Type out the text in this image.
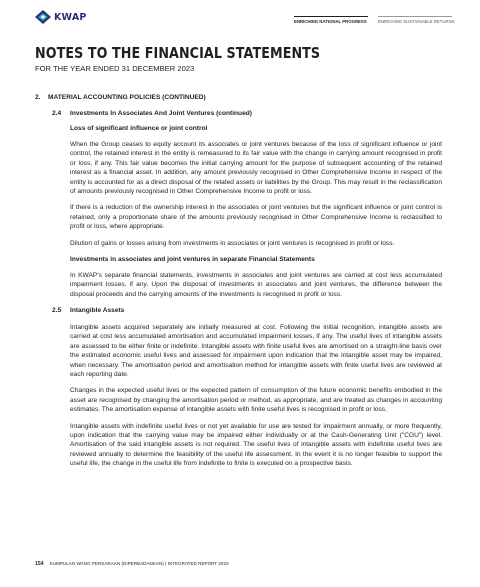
KWAP	ENRICHING NATIONAL PROGRESS	ENRICHING SUSTAINABLE RETURNS
NOTES TO THE FINANCIAL STATEMENTS
FOR THE YEAR ENDED 31 DECEMBER 2023
2. MATERIAL ACCOUNTING POLICIES (CONTINUED)
2.4	Investments In Associates And Joint Ventures (continued)
Loss of significant influence or joint control

When the Group ceases to equity account its associates or joint ventures because of the loss of significant influence or joint control, the retained interest in the entity is remeasured to its fair value with the change in carrying amount recognised in profit or loss, if any. This fair value becomes the initial carrying amount for the purpose of subsequent accounting of the retained interest as a financial asset. In addition, any amount previously recognised in Other Comprehensive Income in respect of the entity is accounted for as a direct disposal of the related assets or liabilities by the Group. This may result in the reclassification of amounts previously recognised in Other Comprehensive Income to profit or loss.

If there is a reduction of the ownership interest in the associates or joint ventures but the significant influence or joint control is retained, only a proportionate share of the amounts previously recognised in Other Comprehensive Income is reclassified to profit or loss, where appropriate.

Dilution of gains or losses arising from investments in associates or joint ventures is recognised in profit or loss.

Investments in associates and joint ventures in separate Financial Statements

In KWAP's separate financial statements, investments in associates and joint ventures are carried at cost less accumulated impairment losses, if any. Upon the disposal of investments in associates and joint ventures, the difference between the disposal proceeds and the carrying amounts of the investments is recognised in profit or loss.

2.5	Intangible Assets

Intangible assets acquired separately are initially measured at cost. Following the initial recognition, intangible assets are carried at cost less accumulated amortisation and accumulated impairment losses, if any. The useful lives of intangible assets are assessed to be either finite or indefinite. Intangible assets with finite useful lives are amortised on a straight-line basis over the estimated economic useful lives and assessed for impairment upon indication that the intangible asset may be impaired, when necessary. The amortisation period and amortisation method for intangible assets with finite useful lives are reviewed at each reporting date.

Changes in the expected useful lives or the expected pattern of consumption of the future economic benefits embodied in the asset are recognised by changing the amortisation period or method, as appropriate, and are treated as changes in accounting estimates. The amortisation expense of intangible assets with finite useful lives is recognised in profit or loss.

Intangible assets with indefinite useful lives or not yet available for use are tested for impairment annually, or more frequently, upon indication that the carrying value may be impaired either individually or at the Cash-Generating Unit ("CGU") level. Amortisation of the said intangible assets is not required. The useful lives of intangible assets with indefinite useful lives are reviewed annually to determine the feasibility of the useful life assessment. In the event it is no longer feasible to support the useful life, the change in the useful life from indefinite to finite is executed on a prospective basis.

154 KUMPULAN WANG PERSARAAN (DIPERBADANKAN) | INTEGRATED REPORT 2023
